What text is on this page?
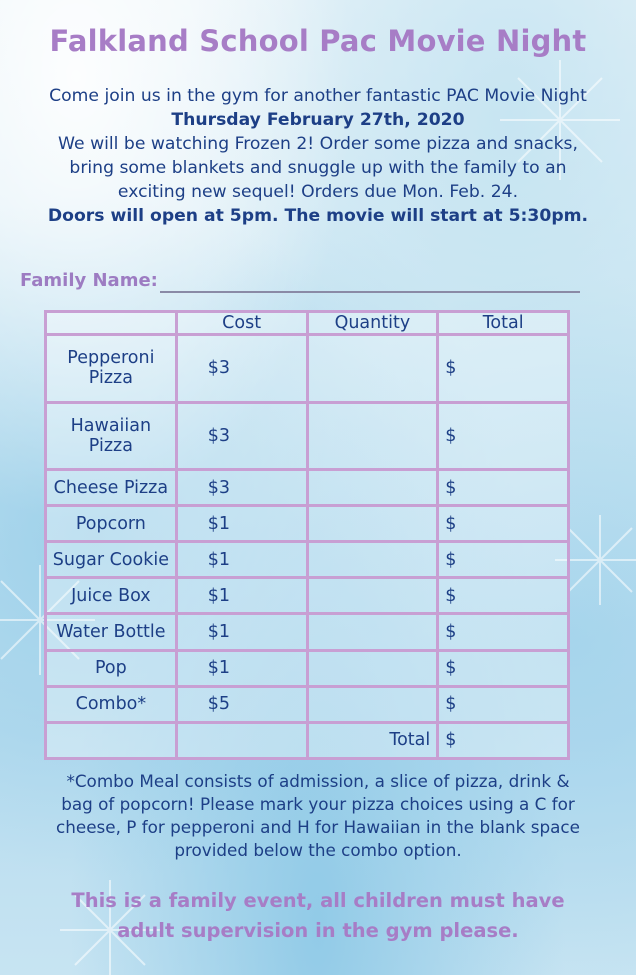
Falkland School Pac Movie Night
Come join us in the gym for another fantastic PAC Movie Night
Thursday February 27th, 2020
We will be watching Frozen 2! Order some pizza and snacks,
bring some blankets and snuggle up with the family to an
exciting new sequel! Orders due Mon. Feb. 24.
Doors will open at 5pm. The movie will start at 5:30pm.
Family Name:
	Cost	Quantity	Total
Pepperoni Pizza	$3		$
Hawaiian Pizza	$3		$
Cheese Pizza	$3		$
Popcorn	$1		$
Sugar Cookie	$1		$
Juice Box	$1		$
Water Bottle	$1		$
Pop	$1		$
Combo*	$5		$
		Total	$
*Combo Meal consists of admission, a slice of pizza, drink &
bag of popcorn! Please mark your pizza choices using a C for
cheese, P for pepperoni and H for Hawaiian in the blank space
provided below the combo option.
This is a family event, all children must have
adult supervision in the gym please.
